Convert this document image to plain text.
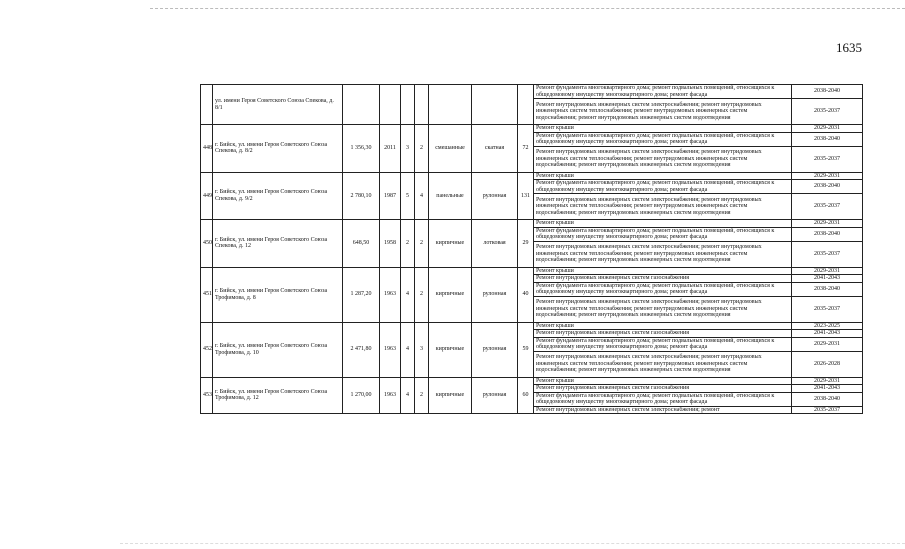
1635
	ул. имени Героя Советского Союза Спекова, д. 8/1								Ремонт фундамента многоквартирного дома; ремонт подвальных помещений, относящихся к общедомовому имуществу многоквартирного дома; ремонт фасада	2038-2040
									Ремонт внутридомовых инженерных систем электроснабжения; ремонт внутридомовых инженерных систем теплоснабжения; ремонт внутридомовых инженерных систем водоснабжения; ремонт внутридомовых инженерных систем водоотведения	2035-2037
448	г. Бийск, ул. имени Героя Советского Союза Спекова, д. 8/2	1 356,30	2011	3	2	смешанные	скатная	72	Ремонт крыши	2029-2031
									Ремонт фундамента многоквартирного дома; ремонт подвальных помещений, относящихся к общедомовому имуществу многоквартирного дома; ремонт фасада	2038-2040
									Ремонт внутридомовых инженерных систем электроснабжения; ремонт внутридомовых инженерных систем теплоснабжения; ремонт внутридомовых инженерных систем водоснабжения; ремонт внутридомовых инженерных систем водоотведения	2035-2037
449	г. Бийск, ул. имени Героя Советского Союза Спекова, д. 9/2	2 780,10	1987	5	4	панельные	рулонная	131	Ремонт крыши	2029-2031
									Ремонт фундамента многоквартирного дома; ремонт подвальных помещений, относящихся к общедомовому имуществу многоквартирного дома; ремонт фасада	2038-2040
									Ремонт внутридомовых инженерных систем электроснабжения; ремонт внутридомовых инженерных систем теплоснабжения; ремонт внутридомовых инженерных систем водоснабжения; ремонт внутридомовых инженерных систем водоотведения	2035-2037
450	г. Бийск, ул. имени Героя Советского Союза Спекова, д. 12	648,50	1958	2	2	кирпичные	лотковая	29	Ремонт крыши	2029-2031
									Ремонт фундамента многоквартирного дома; ремонт подвальных помещений, относящихся к общедомовому имуществу многоквартирного дома; ремонт фасада	2038-2040
									Ремонт внутридомовых инженерных систем электроснабжения; ремонт внутридомовых инженерных систем теплоснабжения; ремонт внутридомовых инженерных систем водоснабжения; ремонт внутридомовых инженерных систем водоотведения	2035-2037
451	г. Бийск, ул. имени Героя Советского Союза Трофимова, д. 8	1 287,20	1963	4	2	кирпичные	рулонная	40	Ремонт крыши	2029-2031
									Ремонт внутридомовых инженерных систем газоснабжения	2041-2043
									Ремонт фундамента многоквартирного дома; ремонт подвальных помещений, относящихся к общедомовому имуществу многоквартирного дома; ремонт фасада	2038-2040
									Ремонт внутридомовых инженерных систем электроснабжения; ремонт внутридомовых инженерных систем теплоснабжения; ремонт внутридомовых инженерных систем водоснабжения; ремонт внутридомовых инженерных систем водоотведения	2035-2037
452	г. Бийск, ул. имени Героя Советского Союза Трофимова, д. 10	2 471,80	1963	4	3	кирпичные	рулонная	59	Ремонт крыши	2023-2025
									Ремонт внутридомовых инженерных систем газоснабжения	2041-2043
									Ремонт фундамента многоквартирного дома; ремонт подвальных помещений, относящихся к общедомовому имуществу многоквартирного дома; ремонт фасада	2029-2031
									Ремонт внутридомовых инженерных систем электроснабжения; ремонт внутридомовых инженерных систем теплоснабжения; ремонт внутридомовых инженерных систем водоснабжения; ремонт внутридомовых инженерных систем водоотведения	2026-2028
453	г. Бийск, ул. имени Героя Советского Союза Трофимова, д. 12	1 270,00	1963	4	2	кирпичные	рулонная	60	Ремонт крыши	2029-2031
									Ремонт внутридомовых инженерных систем газоснабжения	2041-2043
									Ремонт фундамента многоквартирного дома; ремонт подвальных помещений, относящихся к общедомовому имуществу многоквартирного дома; ремонт фасада	2038-2040
									Ремонт внутридомовых инженерных систем электроснабжения; ремонт	2035-2037
